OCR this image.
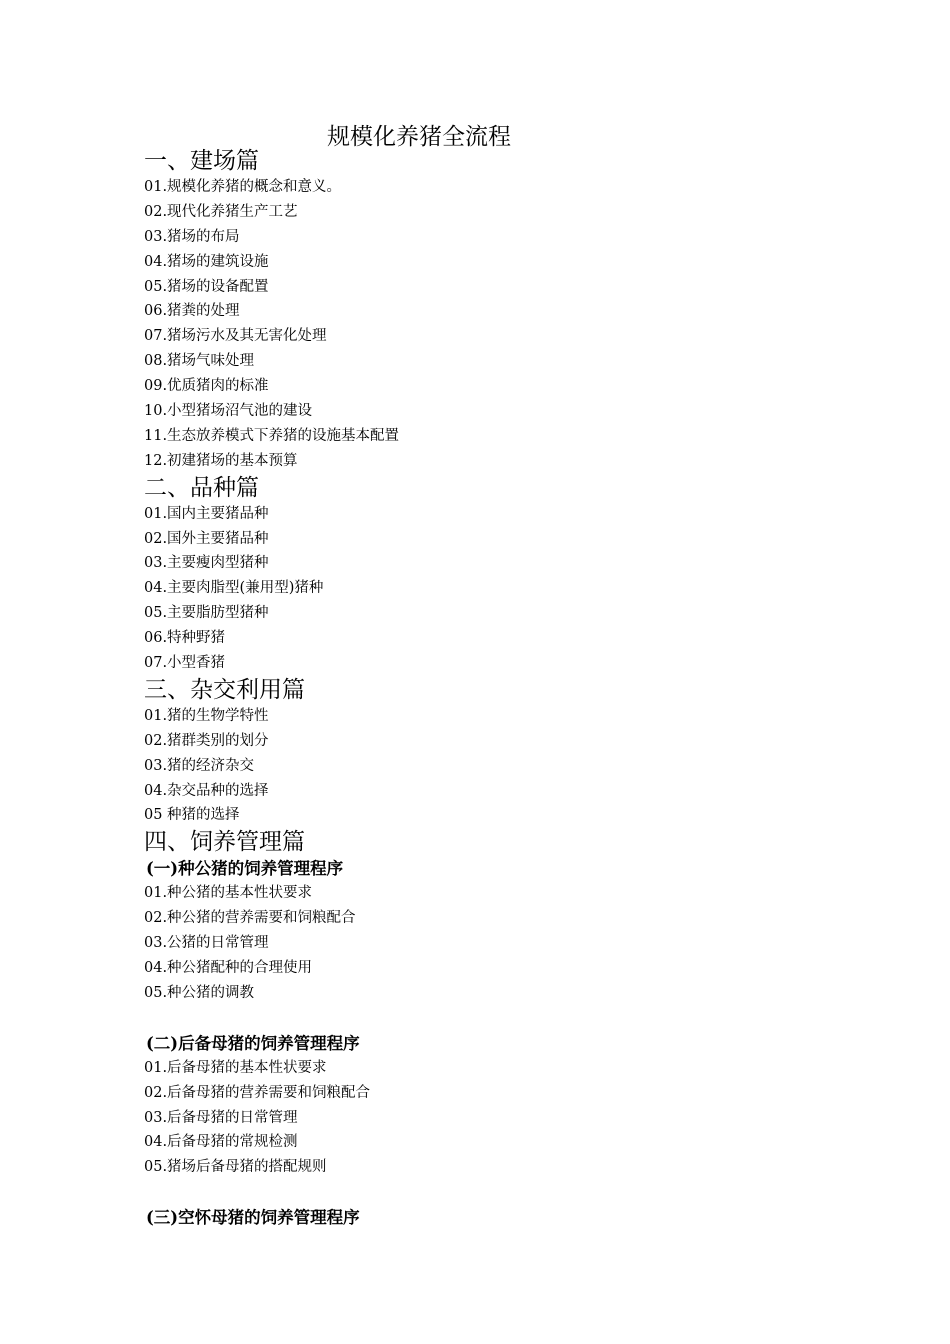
规模化养猪全流程
一、建场篇
01.规模化养猪的概念和意义。
02.现代化养猪生产工艺
03.猪场的布局
04.猪场的建筑设施
05.猪场的设备配置
06.猪粪的处理
07.猪场污水及其无害化处理
08.猪场气味处理
09.优质猪肉的标准
10.小型猪场沼气池的建设
11.生态放养模式下养猪的设施基本配置
12.初建猪场的基本预算
二、品种篇
01.国内主要猪品种
02.国外主要猪品种
03.主要瘦肉型猪种
04.主要肉脂型(兼用型)猪种
05.主要脂肪型猪种
06.特种野猪
07.小型香猪
三、杂交利用篇
01.猪的生物学特性
02.猪群类别的划分
03.猪的经济杂交
04.杂交品种的选择
05 种猪的选择
四、饲养管理篇
(一)种公猪的饲养管理程序
01.种公猪的基本性状要求
02.种公猪的营养需要和饲粮配合
03.公猪的日常管理
04.种公猪配种的合理使用
05.种公猪的调教
(二)后备母猪的饲养管理程序
01.后备母猪的基本性状要求
02.后备母猪的营养需要和饲粮配合
03.后备母猪的日常管理
04.后备母猪的常规检测
05.猪场后备母猪的搭配规则
(三)空怀母猪的饲养管理程序
